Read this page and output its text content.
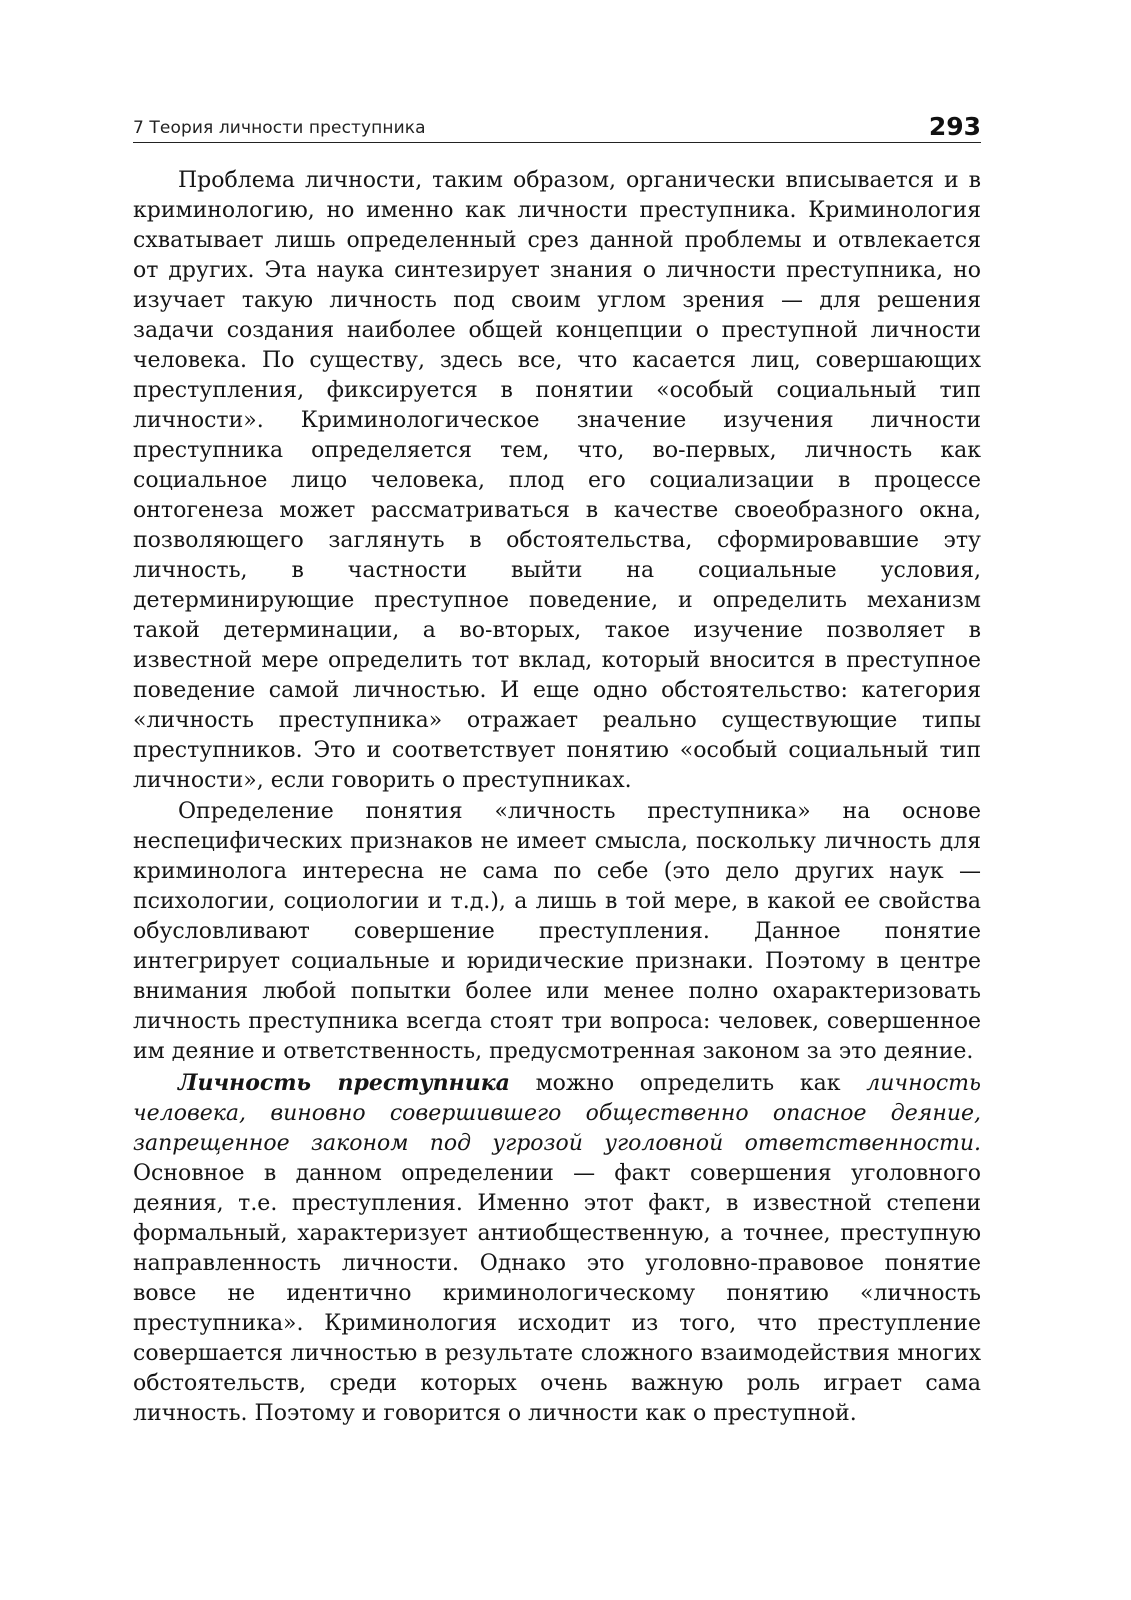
7 Теория личности преступника	293

Проблема личности, таким образом, органически вписывается и в криминологию, но именно как личности преступника. Криминология схватывает лишь определенный срез данной проблемы и отвлекается от других. Эта наука синтезирует знания о личности преступника, но изучает такую личность под своим углом зрения — для решения задачи создания наиболее общей концепции о преступной личности человека. По существу, здесь все, что касается лиц, совершающих преступления, фиксируется в понятии «особый социальный тип личности». Криминологическое значение изучения личности преступника определяется тем, что, во-первых, личность как социальное лицо человека, плод его социализации в процессе онтогенеза может рассматриваться в качестве своеобразного окна, позволяющего заглянуть в обстоятельства, сформировавшие эту личность, в частности выйти на социальные условия, детерминирующие преступное поведение, и определить механизм такой детерминации, а во-вторых, такое изучение позволяет в известной мере определить тот вклад, который вносится в преступное поведение самой личностью. И еще одно обстоятельство: категория «личность преступника» отражает реально существующие типы преступников. Это и соответствует понятию «особый социальный тип личности», если говорить о преступниках.

Определение понятия «личность преступника» на основе неспецифических признаков не имеет смысла, поскольку личность для криминолога интересна не сама по себе (это дело других наук — психологии, социологии и т.д.), а лишь в той мере, в какой ее свойства обусловливают совершение преступления. Данное понятие интегрирует социальные и юридические признаки. Поэтому в центре внимания любой попытки более или менее полно охарактеризовать личность преступника всегда стоят три вопроса: человек, совершенное им деяние и ответственность, предусмотренная законом за это деяние.

Личность преступника можно определить как личность человека, виновно совершившего общественно опасное деяние, запрещенное законом под угрозой уголовной ответственности. Основное в данном определении — факт совершения уголовного деяния, т.е. преступления. Именно этот факт, в известной степени формальный, характеризует антиобщественную, а точнее, преступную направленность личности. Однако это уголовно-правовое понятие вовсе не идентично криминологическому понятию «личность преступника». Криминология исходит из того, что преступление совершается личностью в результате сложного взаимодействия многих обстоятельств, среди которых очень важную роль играет сама личность. Поэтому и говорится о личности как о преступной.
